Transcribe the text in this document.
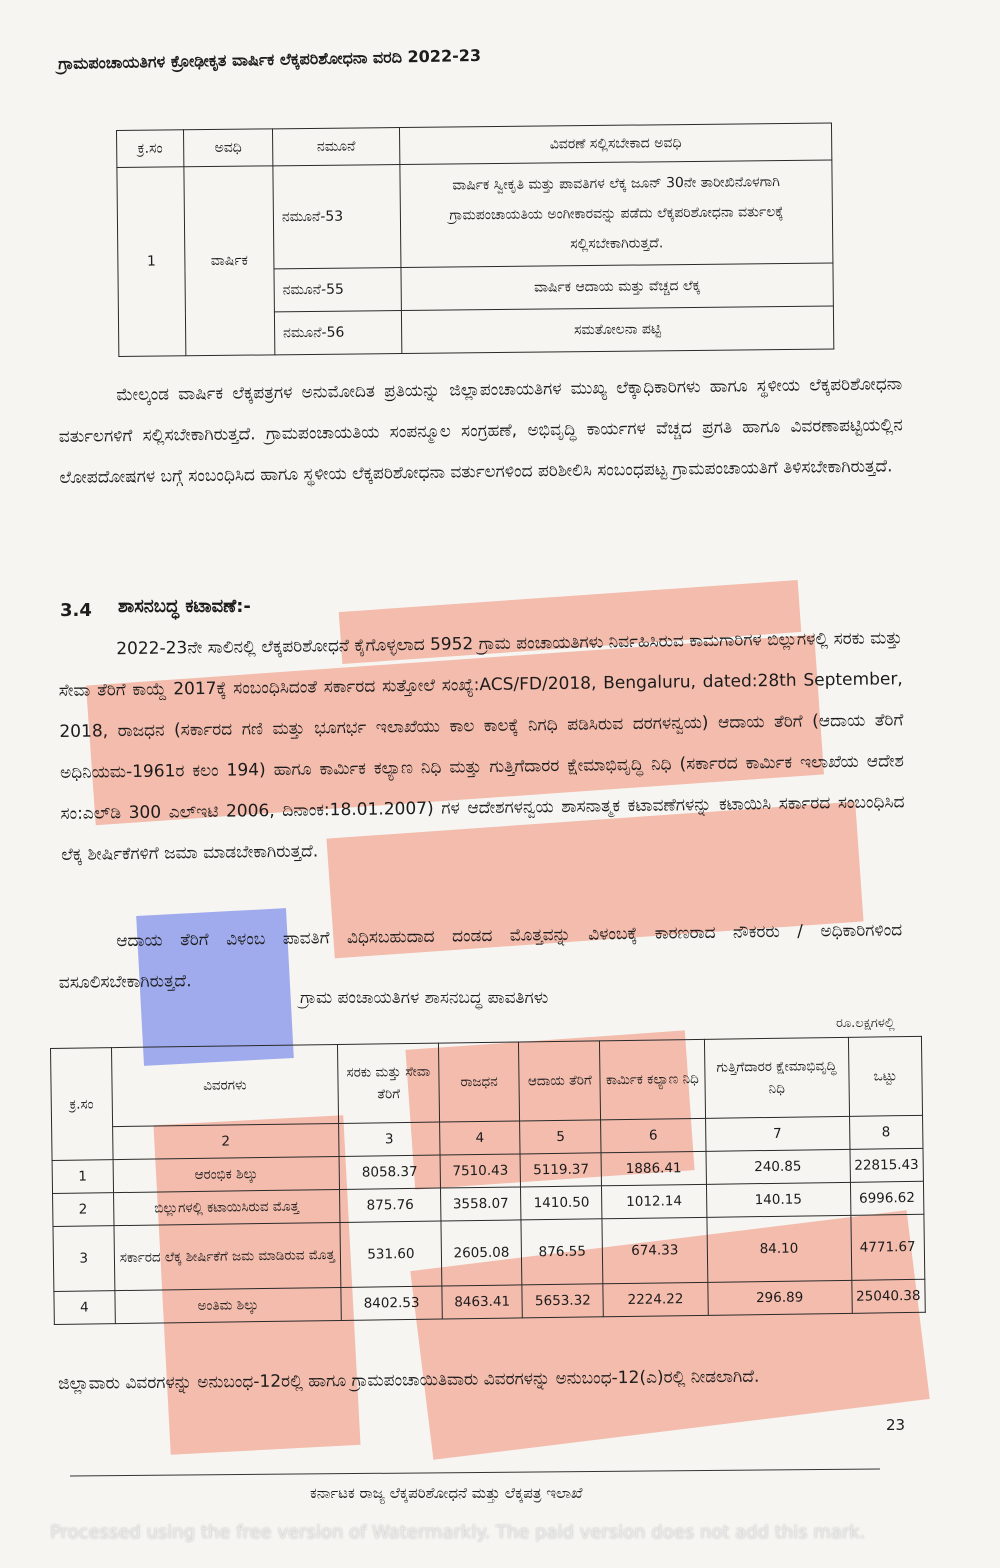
ಗ್ರಾಮಪಂಚಾಯತಿಗಳ ಕ್ರೋಢೀಕೃತ ವಾರ್ಷಿಕ ಲೆಕ್ಕಪರಿಶೋಧನಾ ವರದಿ 2022-23
ಕ್ರ.ಸಂ	ಅವಧಿ	ನಮೂನೆ	ವಿವರಣೆ ಸಲ್ಲಿಸಬೇಕಾದ ಅವಧಿ
1	ವಾರ್ಷಿಕ	ನಮೂನೆ-53	ವಾರ್ಷಿಕ ಸ್ವೀಕೃತಿ ಮತ್ತು ಪಾವತಿಗಳ ಲೆಕ್ಕ ಜೂನ್ 30ನೇ ತಾರೀಖಿನೊಳಗಾಗಿ ಗ್ರಾಮಪಂಚಾಯತಿಯ ಅಂಗೀಕಾರವನ್ನು ಪಡೆದು ಲೆಕ್ಕಪರಿಶೋಧನಾ ವರ್ತುಲಕ್ಕೆ ಸಲ್ಲಿಸಬೇಕಾಗಿರುತ್ತದೆ.
		ನಮೂನೆ-55	ವಾರ್ಷಿಕ ಆದಾಯ ಮತ್ತು ವೆಚ್ಚದ ಲೆಕ್ಕ
		ನಮೂನೆ-56	ಸಮತೋಲನಾ ಪಟ್ಟಿ
ಮೇಲ್ಕಂಡ ವಾರ್ಷಿಕ ಲೆಕ್ಕಪತ್ರಗಳ ಅನುಮೋದಿತ ಪ್ರತಿಯನ್ನು ಜಿಲ್ಲಾಪಂಚಾಯತಿಗಳ ಮುಖ್ಯ ಲೆಕ್ಕಾಧಿಕಾರಿಗಳು ಹಾಗೂ ಸ್ಥಳೀಯ ಲೆಕ್ಕಪರಿಶೋಧನಾ ವರ್ತುಲಗಳಿಗೆ ಸಲ್ಲಿಸಬೇಕಾಗಿರುತ್ತದೆ. ಗ್ರಾಮಪಂಚಾಯತಿಯ ಸಂಪನ್ಮೂಲ ಸಂಗ್ರಹಣೆ, ಅಭಿವೃದ್ಧಿ ಕಾರ್ಯಗಳ ವೆಚ್ಚದ ಪ್ರಗತಿ ಹಾಗೂ ವಿವರಣಾಪಟ್ಟಿಯಲ್ಲಿನ ಲೋಪದೋಷಗಳ ಬಗ್ಗೆ ಸಂಬಂಧಿಸಿದ ಹಾಗೂ ಸ್ಥಳೀಯ ಲೆಕ್ಕಪರಿಶೋಧನಾ ವರ್ತುಲಗಳಿಂದ ಪರಿಶೀಲಿಸಿ ಸಂಬಂಧಪಟ್ಟ ಗ್ರಾಮಪಂಚಾಯತಿಗೆ ತಿಳಿಸಬೇಕಾಗಿರುತ್ತದೆ.
3.4 ಶಾಸನಬದ್ಧ ಕಟಾವಣೆ:-
2022-23ನೇ ಸಾಲಿನಲ್ಲಿ ಲೆಕ್ಕಪರಿಶೋಧನೆ ಕೈಗೊಳ್ಳಲಾದ 5952 ಗ್ರಾಮ ಪಂಚಾಯತಿಗಳು ನಿರ್ವಹಿಸಿರುವ ಕಾಮಗಾರಿಗಳ ಬಿಲ್ಲುಗಳಲ್ಲಿ ಸರಕು ಮತ್ತು ಸೇವಾ ತೆರಿಗೆ ಕಾಯ್ದೆ 2017ಕ್ಕೆ ಸಂಬಂಧಿಸಿದಂತೆ ಸರ್ಕಾರದ ಸುತ್ತೋಲೆ ಸಂಖ್ಯೆ:ACS/FD/2018, Bengaluru, dated:28th September, 2018, ರಾಜಧನ (ಸರ್ಕಾರದ ಗಣಿ ಮತ್ತು ಭೂಗರ್ಭ ಇಲಾಖೆಯು ಕಾಲ ಕಾಲಕ್ಕೆ ನಿಗಧಿ ಪಡಿಸಿರುವ ದರಗಳನ್ವಯ) ಆದಾಯ ತೆರಿಗೆ (ಆದಾಯ ತೆರಿಗೆ ಅಧಿನಿಯಮ-1961ರ ಕಲಂ 194) ಹಾಗೂ ಕಾರ್ಮಿಕ ಕಲ್ಯಾಣ ನಿಧಿ ಮತ್ತು ಗುತ್ತಿಗೆದಾರರ ಕ್ಷೇಮಾಭಿವೃದ್ಧಿ ನಿಧಿ (ಸರ್ಕಾರದ ಕಾರ್ಮಿಕ ಇಲಾಖೆಯ ಆದೇಶ ಸಂ:ಎಲ್‌ಡಿ 300 ಎಲ್‌ಇಟಿ 2006, ದಿನಾಂಕ:18.01.2007) ಗಳ ಆದೇಶಗಳನ್ವಯ ಶಾಸನಾತ್ಮಕ ಕಟಾವಣೆಗಳನ್ನು ಕಟಾಯಿಸಿ ಸರ್ಕಾರದ ಸಂಬಂಧಿಸಿದ ಲೆಕ್ಕ ಶೀರ್ಷಿಕೆಗಳಿಗೆ ಜಮಾ ಮಾಡಬೇಕಾಗಿರುತ್ತದೆ.
ಆದಾಯ ತೆರಿಗೆ ವಿಳಂಬ ಪಾವತಿಗೆ ವಿಧಿಸಬಹುದಾದ ದಂಡದ ಮೊತ್ತವನ್ನು ವಿಳಂಬಕ್ಕೆ ಕಾರಣರಾದ ನೌಕರರು / ಅಧಿಕಾರಿಗಳಿಂದ ವಸೂಲಿಸಬೇಕಾಗಿರುತ್ತದೆ.
ಗ್ರಾಮ ಪಂಚಾಯತಿಗಳ ಶಾಸನಬದ್ಧ ಪಾವತಿಗಳು
ರೂ.ಲಕ್ಷಗಳಲ್ಲಿ
ಕ್ರ.ಸಂ	ವಿವರಗಳು	ಸರಕು ಮತ್ತು ಸೇವಾ ತೆರಿಗೆ	ರಾಜಧನ	ಆದಾಯ ತೆರಿಗೆ	ಕಾರ್ಮಿಕ ಕಲ್ಯಾಣ ನಿಧಿ	ಗುತ್ತಿಗೆದಾರರ ಕ್ಷೇಮಾಭಿವೃದ್ಧಿ ನಿಧಿ	ಒಟ್ಟು
	2	3	4	5	6	7	8
1	ಆರಂಭಿಕ ಶಿಲ್ಕು	8058.37	7510.43	5119.37	1886.41	240.85	22815.43
2	ಬಿಲ್ಲುಗಳಲ್ಲಿ ಕಟಾಯಿಸಿರುವ ಮೊತ್ತ	875.76	3558.07	1410.50	1012.14	140.15	6996.62
3	ಸರ್ಕಾರದ ಲೆಕ್ಕ ಶೀರ್ಷಿಕೆಗೆ ಜಮ ಮಾಡಿರುವ ಮೊತ್ತ	531.60	2605.08	876.55	674.33	84.10	4771.67
4	ಅಂತಿಮ ಶಿಲ್ಕು	8402.53	8463.41	5653.32	2224.22	296.89	25040.38
ಜಿಲ್ಲಾವಾರು ವಿವರಗಳನ್ನು ಅನುಬಂಧ-12ರಲ್ಲಿ ಹಾಗೂ ಗ್ರಾಮಪಂಚಾಯಿತಿವಾರು ವಿವರಗಳನ್ನು ಅನುಬಂಧ-12(ಎ)ರಲ್ಲಿ ನೀಡಲಾಗಿದೆ.
23
ಕರ್ನಾಟಕ ರಾಜ್ಯ ಲೆಕ್ಕಪರಿಶೋಧನೆ ಮತ್ತು ಲೆಕ್ಕಪತ್ರ ಇಲಾಖೆ
Processed using the free version of Watermarkly. The paid version does not add this mark.
